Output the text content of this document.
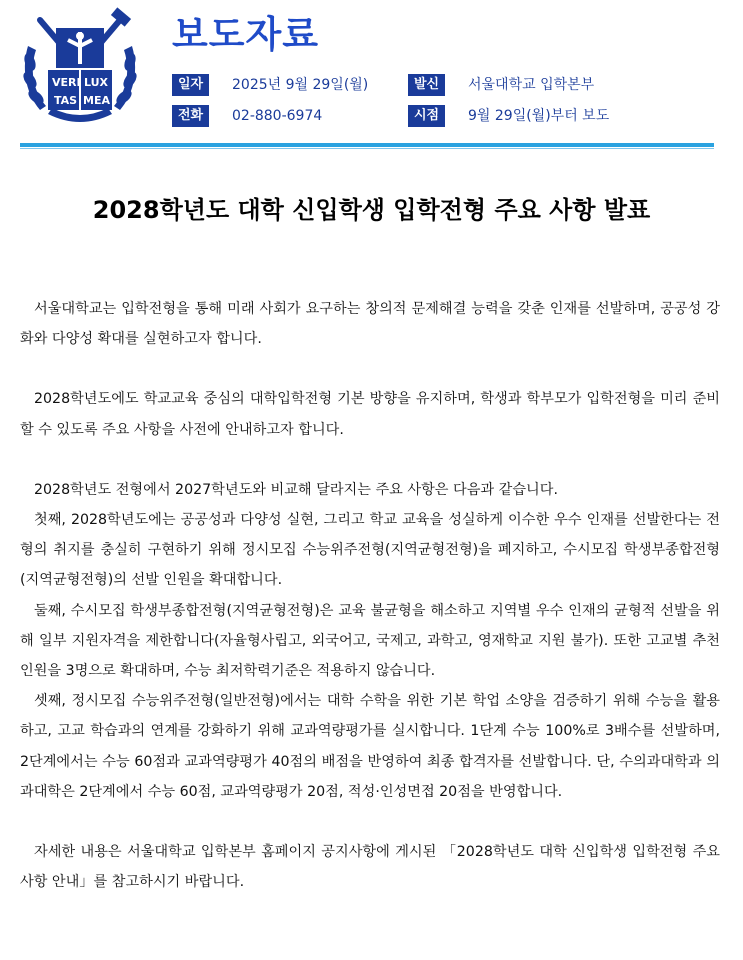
VERI LUX
TAS MEA
보도자료
일자	2025년 9월 29일(월)	발신	서울대학교 입학본부
전화	02-880-6974	시점	9월 29일(월)부터 보도
2028학년도 대학 신입학생 입학전형 주요 사항 발표

서울대학교는 입학전형을 통해 미래 사회가 요구하는 창의적 문제해결 능력을 갖춘 인재를 선발하며, 공공성 강화와 다양성 확대를 실현하고자 합니다.

2028학년도에도 학교교육 중심의 대학입학전형 기본 방향을 유지하며, 학생과 학부모가 입학전형을 미리 준비할 수 있도록 주요 사항을 사전에 안내하고자 합니다.

2028학년도 전형에서 2027학년도와 비교해 달라지는 주요 사항은 다음과 같습니다.

첫째, 2028학년도에는 공공성과 다양성 실현, 그리고 학교 교육을 성실하게 이수한 우수 인재를 선발한다는 전형의 취지를 충실히 구현하기 위해 정시모집 수능위주전형(지역균형전형)을 폐지하고, 수시모집 학생부종합전형(지역균형전형)의 선발 인원을 확대합니다.

둘째, 수시모집 학생부종합전형(지역균형전형)은 교육 불균형을 해소하고 지역별 우수 인재의 균형적 선발을 위해 일부 지원자격을 제한합니다(자율형사립고, 외국어고, 국제고, 과학고, 영재학교 지원 불가). 또한 고교별 추천인원을 3명으로 확대하며, 수능 최저학력기준은 적용하지 않습니다.

셋째, 정시모집 수능위주전형(일반전형)에서는 대학 수학을 위한 기본 학업 소양을 검증하기 위해 수능을 활용하고, 고교 학습과의 연계를 강화하기 위해 교과역량평가를 실시합니다. 1단계 수능 100%로 3배수를 선발하며, 2단계에서는 수능 60점과 교과역량평가 40점의 배점을 반영하여 최종 합격자를 선발합니다. 단, 수의과대학과 의과대학은 2단계에서 수능 60점, 교과역량평가 20점, 적성·인성면접 20점을 반영합니다.

자세한 내용은 서울대학교 입학본부 홈페이지 공지사항에 게시된 「2028학년도 대학 신입학생 입학전형 주요 사항 안내」를 참고하시기 바랍니다.
